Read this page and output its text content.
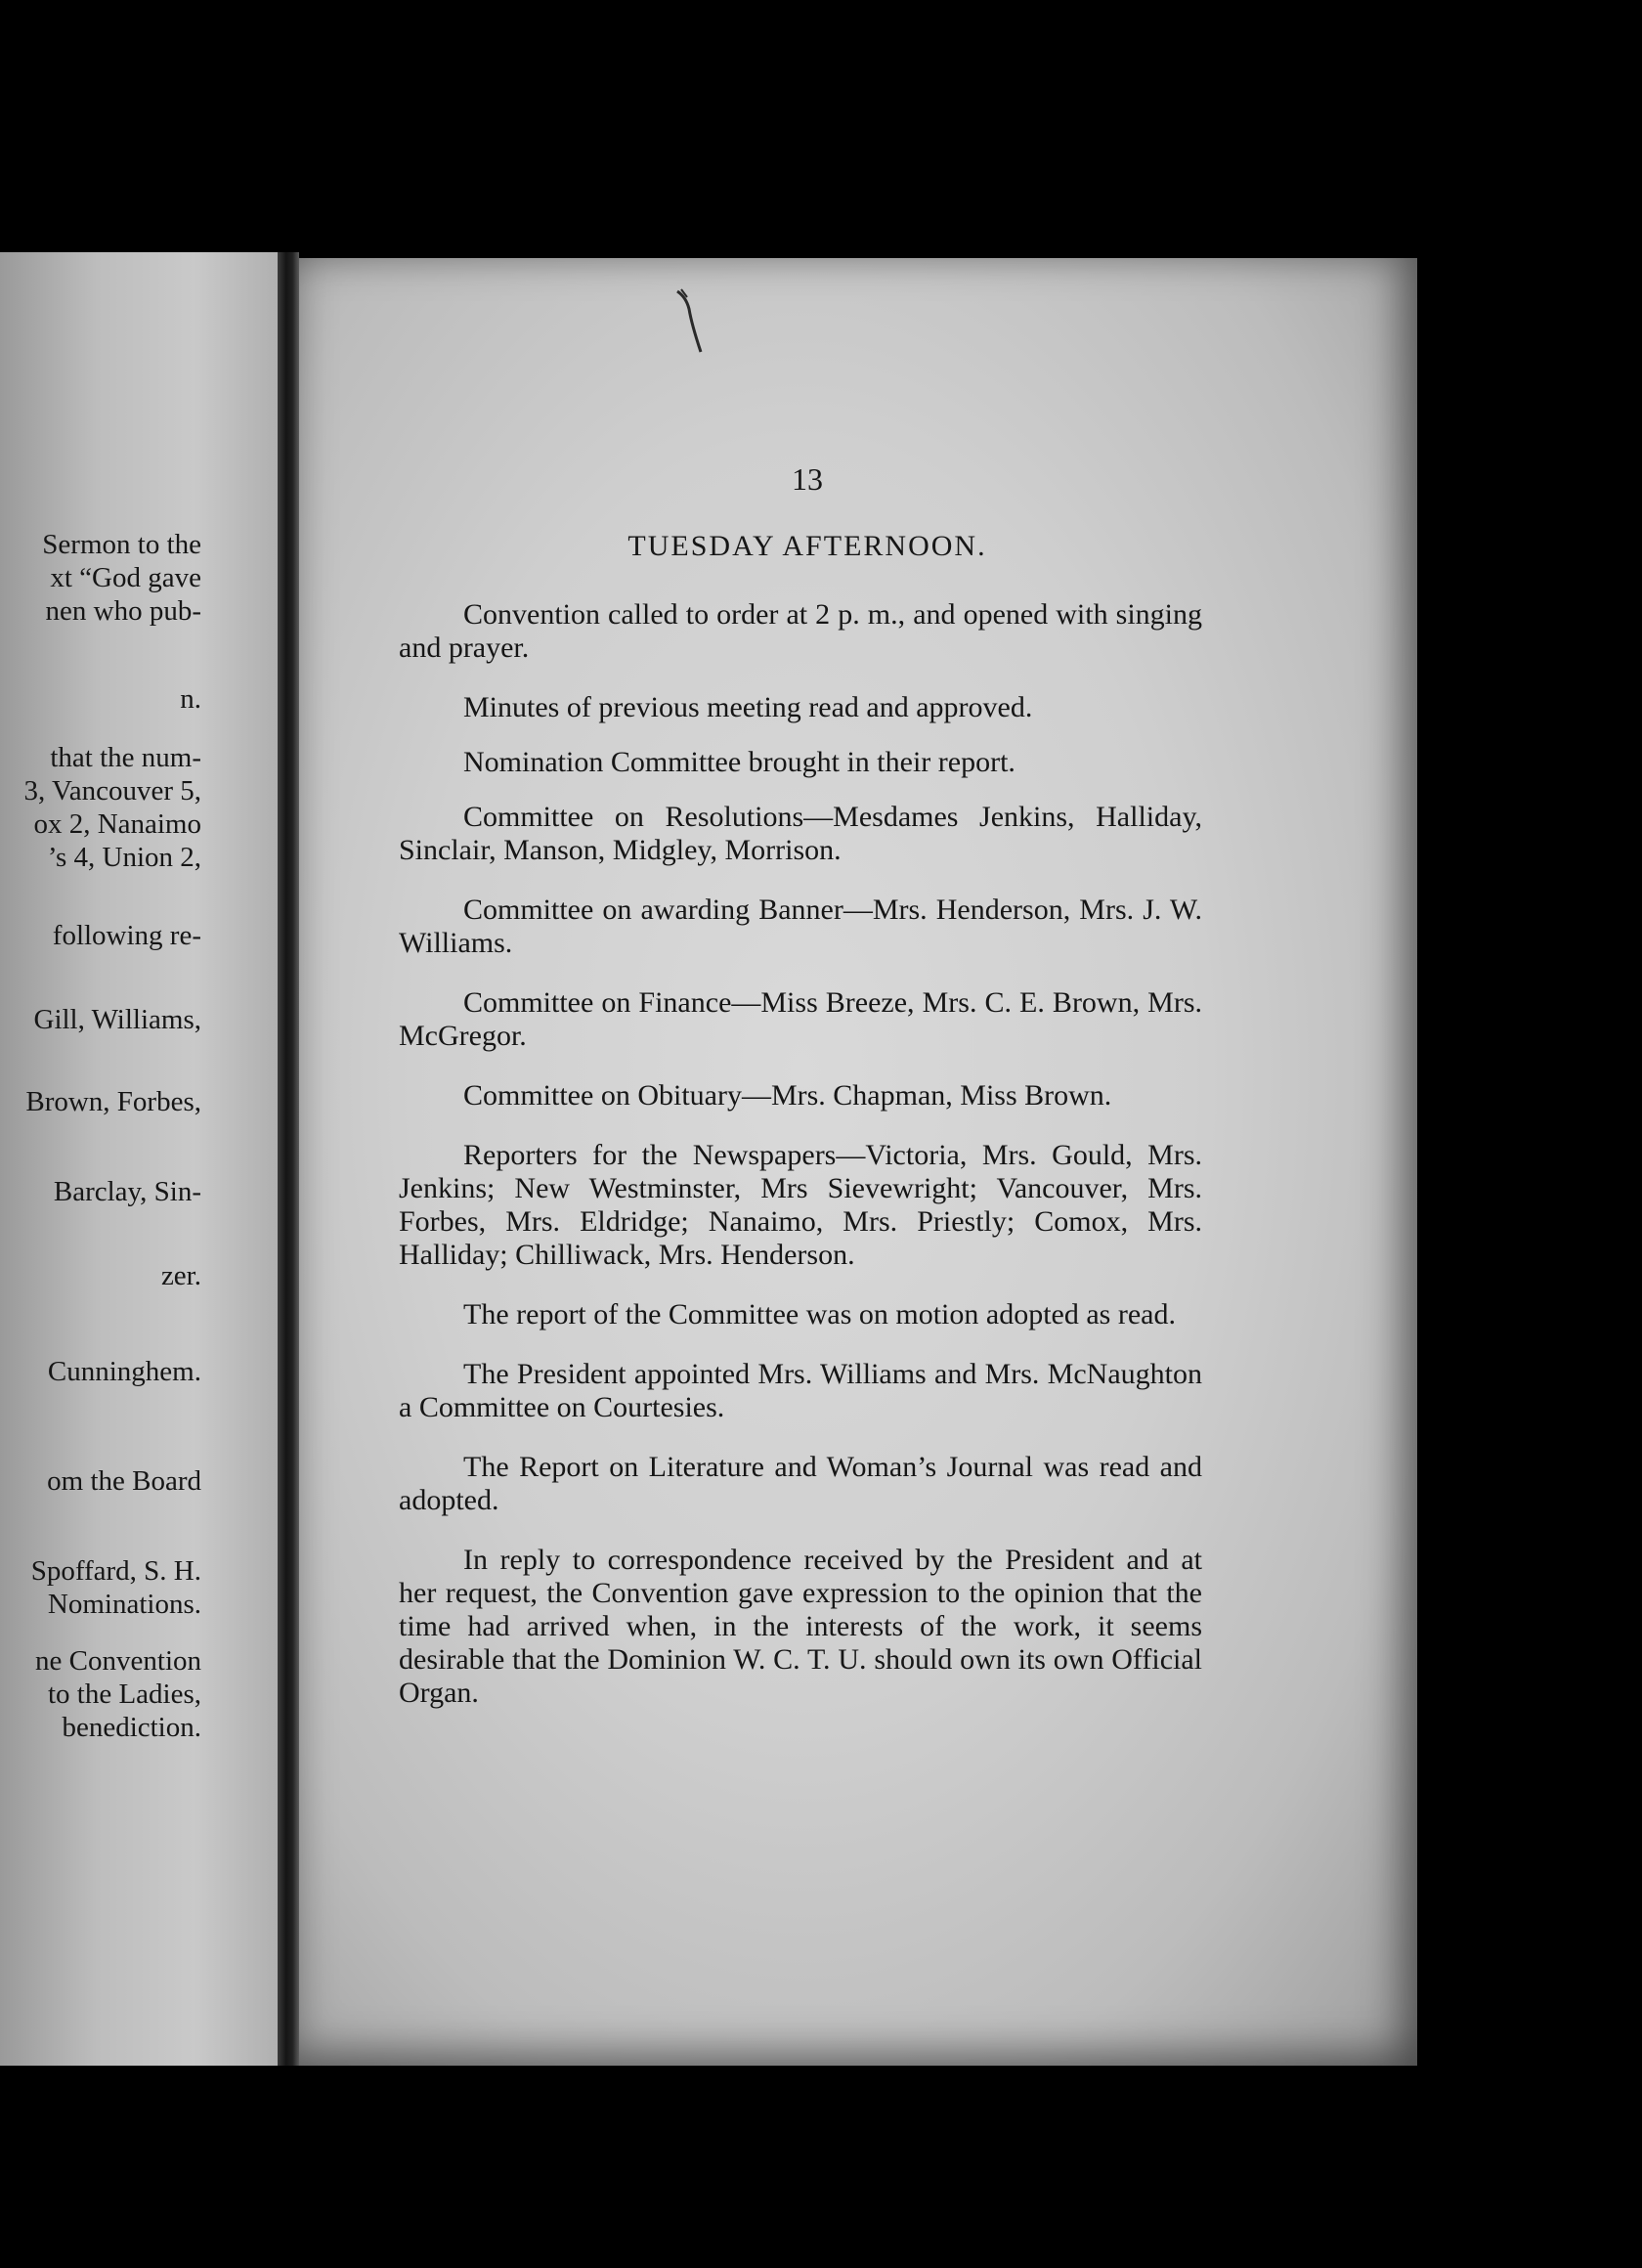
Sermon to the
xt “God gave
nen who pub-
n.
that the num-
3, Vancouver 5,
ox 2, Nanaimo
’s 4, Union 2,
following re-
Gill, Williams,
Brown, Forbes,
Barclay, Sin-
zer.
Cunninghem.
om the Board
Spoffard, S. H.
Nominations.
ne Convention
to the Ladies,
benediction.
13
TUESDAY AFTERNOON.

Convention called to order at 2 p. m., and opened with singing and prayer.

Minutes of previous meeting read and approved.

Nomination Committee brought in their report.

Committee on Resolutions—Mesdames Jenkins, Halliday, Sinclair, Manson, Midgley, Morrison.

Committee on awarding Banner—Mrs. Henderson, Mrs. J. W. Williams.

Committee on Finance—Miss Breeze, Mrs. C. E. Brown, Mrs. McGregor.

Committee on Obituary—Mrs. Chapman, Miss Brown.

Reporters for the Newspapers—Victoria, Mrs. Gould, Mrs. Jenkins; New Westminster, Mrs Sievewright; Vancouver, Mrs. Forbes, Mrs. Eldridge; Nanaimo, Mrs. Priestly; Comox, Mrs. Halliday; Chilliwack, Mrs. Henderson.

The report of the Committee was on motion adopted as read.

The President appointed Mrs. Williams and Mrs. McNaughton a Committee on Courtesies.

The Report on Literature and Woman’s Journal was read and adopted.

In reply to correspondence received by the President and at her request, the Convention gave expression to the opinion that the time had arrived when, in the interests of the work, it seems desirable that the Dominion W. C. T. U. should own its own Official Organ.
